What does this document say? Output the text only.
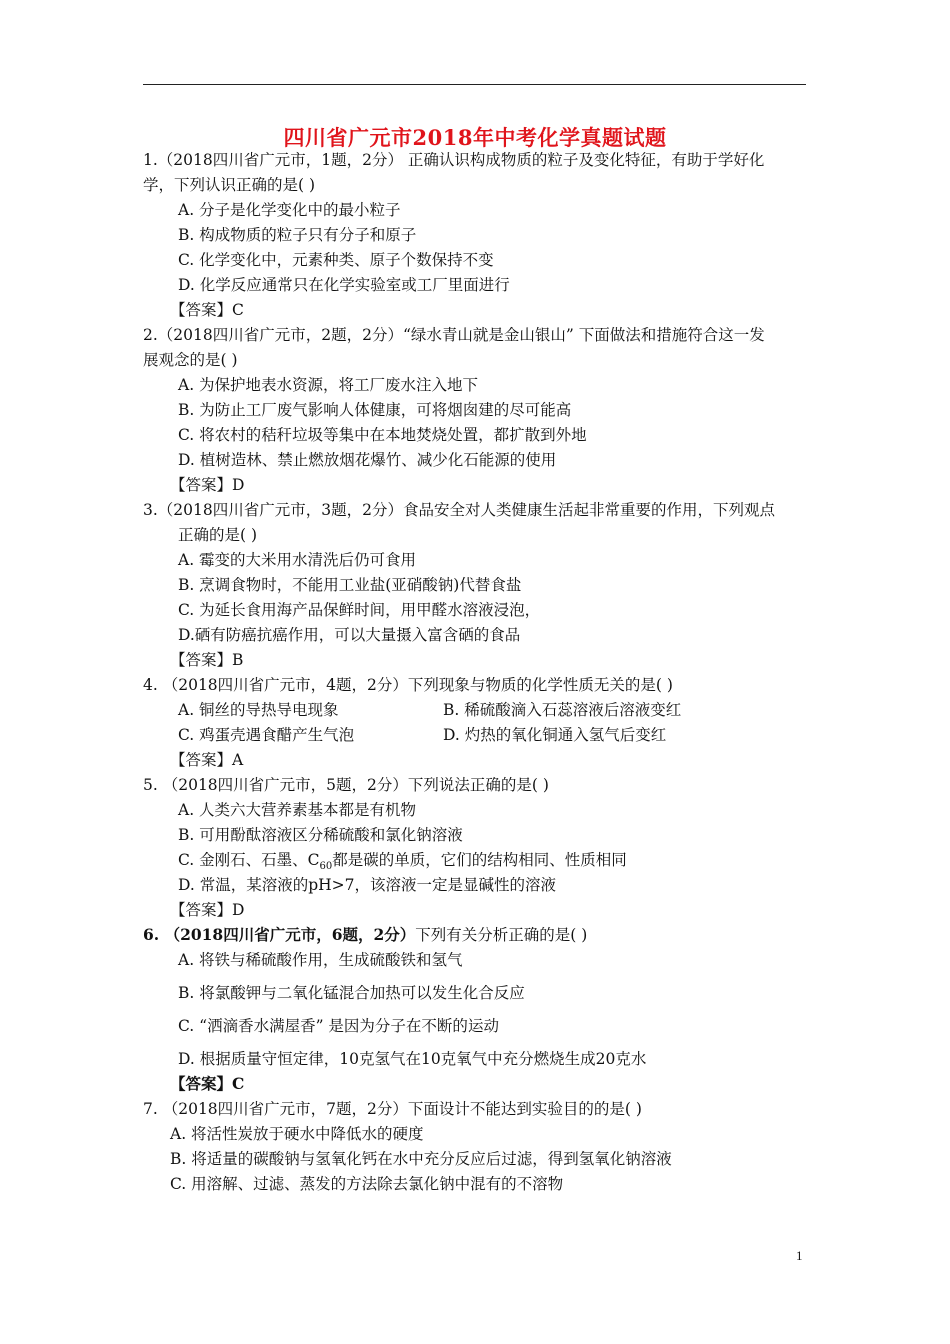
四川省广元市2018年中考化学真题试题
1.（2018四川省广元市，1题，2分） 正确认识构成物质的粒子及变化特征，有助于学好化
学，下列认识正确的是( )
A. 分子是化学变化中的最小粒子
B. 构成物质的粒子只有分子和原子
C. 化学变化中，元素种类、原子个数保持不变
D. 化学反应通常只在化学实验室或工厂里面进行
【答案】C
2.（2018四川省广元市，2题，2分）“绿水青山就是金山银山” 下面做法和措施符合这一发
展观念的是( )
A. 为保护地表水资源，将工厂废水注入地下
B. 为防止工厂废气影响人体健康，可将烟囱建的尽可能高
C. 将农村的秸秆垃圾等集中在本地焚烧处置，都扩散到外地
D. 植树造林、禁止燃放烟花爆竹、减少化石能源的使用
【答案】D
3.（2018四川省广元市，3题，2分）食品安全对人类健康生活起非常重要的作用，下列观点
正确的是( )
A. 霉变的大米用水清洗后仍可食用
B. 烹调食物时，不能用工业盐(亚硝酸钠)代替食盐
C. 为延长食用海产品保鲜时间，用甲醛水溶液浸泡，
D.硒有防癌抗癌作用，可以大量摄入富含硒的食品
【答案】B
4. （2018四川省广元市，4题，2分）下列现象与物质的化学性质无关的是( )
A. 铜丝的导热导电现象	B. 稀硫酸滴入石蕊溶液后溶液变红
C. 鸡蛋壳遇食醋产生气泡	D. 灼热的氧化铜通入氢气后变红
【答案】A
5. （2018四川省广元市，5题，2分）下列说法正确的是( )
A. 人类六大营养素基本都是有机物
B. 可用酚酞溶液区分稀硫酸和氯化钠溶液
C. 金刚石、石墨、$C_{60}$都是碳的单质，它们的结构相同、性质相同
D. 常温，某溶液的pH>7，该溶液一定是显碱性的溶液
【答案】D
6. （2018四川省广元市，6题，2分）下列有关分析正确的是( )
A. 将铁与稀硫酸作用，生成硫酸铁和氢气
B. 将氯酸钾与二氧化锰混合加热可以发生化合反应
C. “洒滴香水满屋香” 是因为分子在不断的运动
D. 根据质量守恒定律，10克氢气在10克氧气中充分燃烧生成20克水
【答案】C
7. （2018四川省广元市，7题，2分）下面设计不能达到实验目的的是( )
A. 将活性炭放于硬水中降低水的硬度
B. 将适量的碳酸钠与氢氧化钙在水中充分反应后过滤，得到氢氧化钠溶液
C. 用溶解、过滤、蒸发的方法除去氯化钠中混有的不溶物
1
